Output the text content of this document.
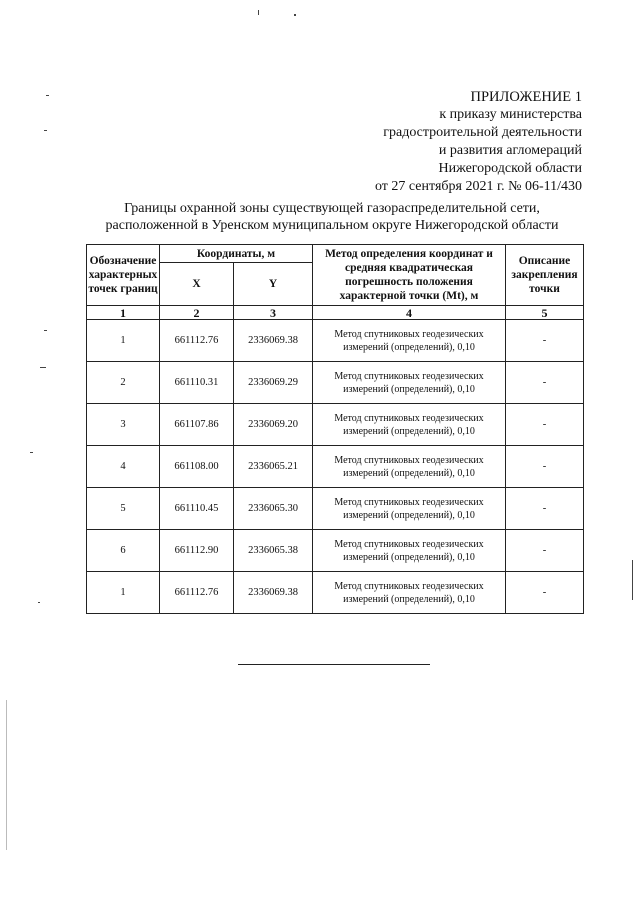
ПРИЛОЖЕНИЕ 1
к приказу министерства
градостроительной деятельности
и развития агломераций
Нижегородской области
от 27 сентября 2021 г. № 06-11/430
Границы охранной зоны существующей газораспределительной сети,
расположенной в Уренском муниципальном округе Нижегородской области
Обозначение характерных точек границ	Координаты, м		Метод определения координат и средняя квадратическая погрешность положения характерной точки (Mt), м	Описание закрепления точки
	X	Y		
1	2	3	4	5
1	661112.76	2336069.38	Метод спутниковых геодезических измерений (определений), 0,10	-
2	661110.31	2336069.29	Метод спутниковых геодезических измерений (определений), 0,10	-
3	661107.86	2336069.20	Метод спутниковых геодезических измерений (определений), 0,10	-
4	661108.00	2336065.21	Метод спутниковых геодезических измерений (определений), 0,10	-
5	661110.45	2336065.30	Метод спутниковых геодезических измерений (определений), 0,10	-
6	661112.90	2336065.38	Метод спутниковых геодезических измерений (определений), 0,10	-
1	661112.76	2336069.38	Метод спутниковых геодезических измерений (определений), 0,10	-
